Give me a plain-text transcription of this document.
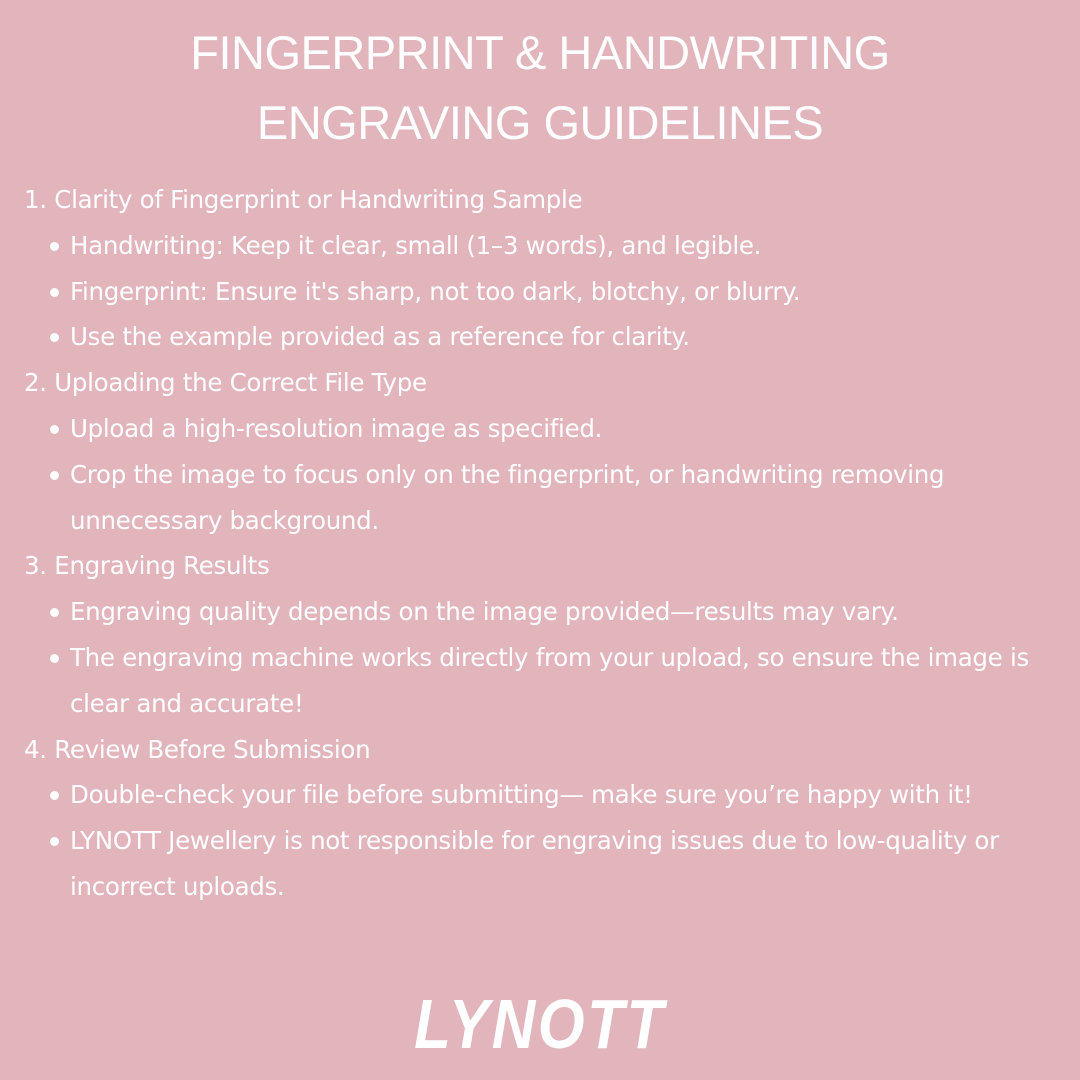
FINGERPRINT & HANDWRITING
ENGRAVING GUIDELINES
1. Clarity of Fingerprint or Handwriting Sample
Handwriting: Keep it clear, small (1–3 words), and legible.
Fingerprint: Ensure it's sharp, not too dark, blotchy, or blurry.
Use the example provided as a reference for clarity.
2. Uploading the Correct File Type
Upload a high-resolution image as specified.
Crop the image to focus only on the fingerprint, or handwriting removing unnecessary background.
3. Engraving Results
Engraving quality depends on the image provided—results may vary.
The engraving machine works directly from your upload, so ensure the image is clear and accurate!
4. Review Before Submission
Double-check your file before submitting— make sure you’re happy with it!
LYNOTT Jewellery is not responsible for engraving issues due to low-quality or incorrect uploads.
LYNOTT
